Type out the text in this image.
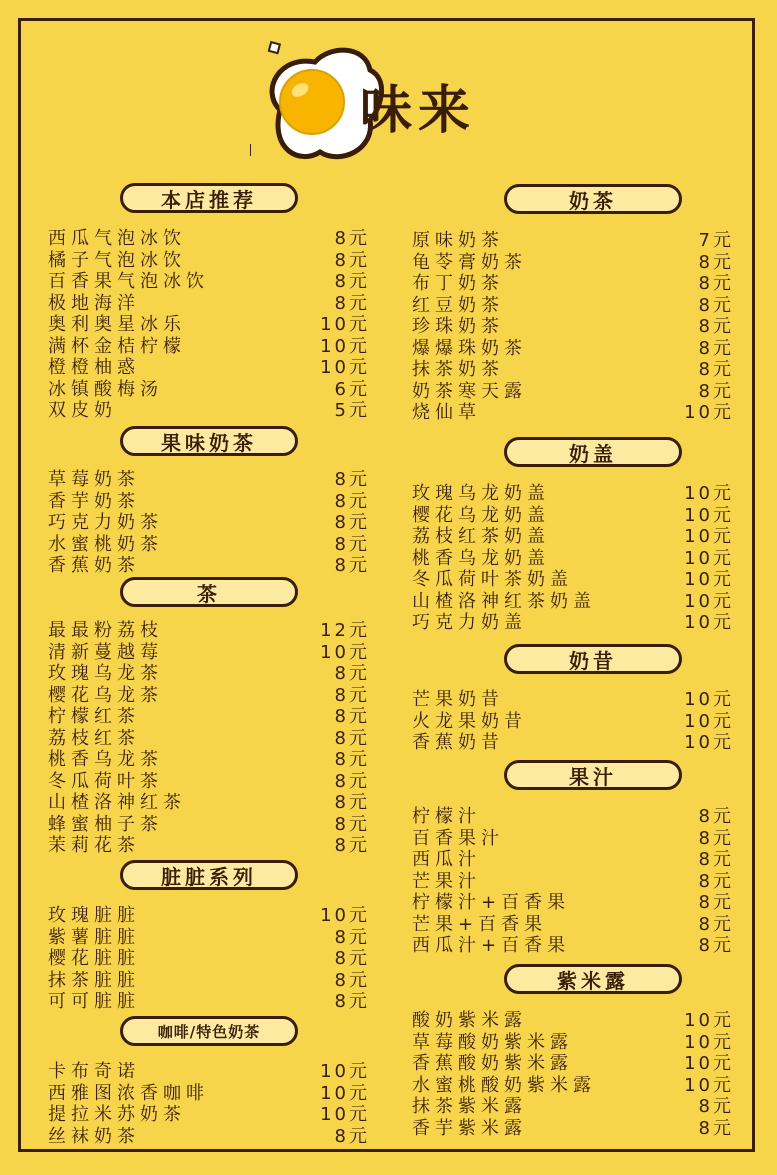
味来
本店推荐
西瓜气泡冰饮	8元
橘子气泡冰饮	8元
百香果气泡冰饮	8元
极地海洋	8元
奥利奥星冰乐	10元
满杯金桔柠檬	10元
橙橙柚惑	10元
冰镇酸梅汤	6元
双皮奶	5元
果味奶茶
草莓奶茶	8元
香芋奶茶	8元
巧克力奶茶	8元
水蜜桃奶茶	8元
香蕉奶茶	8元
茶
最最粉荔枝	12元
清新蔓越莓	10元
玫瑰乌龙茶	8元
樱花乌龙茶	8元
柠檬红茶	8元
荔枝红茶	8元
桃香乌龙茶	8元
冬瓜荷叶茶	8元
山楂洛神红茶	8元
蜂蜜柚子茶	8元
茉莉花茶	8元
脏脏系列
玫瑰脏脏	10元
紫薯脏脏	8元
樱花脏脏	8元
抹茶脏脏	8元
可可脏脏	8元
咖啡/特色奶茶
卡布奇诺	10元
西雅图浓香咖啡	10元
提拉米苏奶茶	10元
丝袜奶茶	8元
奶茶
原味奶茶	7元
龟苓膏奶茶	8元
布丁奶茶	8元
红豆奶茶	8元
珍珠奶茶	8元
爆爆珠奶茶	8元
抹茶奶茶	8元
奶茶寒天露	8元
烧仙草	10元
奶盖
玫瑰乌龙奶盖	10元
樱花乌龙奶盖	10元
荔枝红茶奶盖	10元
桃香乌龙奶盖	10元
冬瓜荷叶茶奶盖	10元
山楂洛神红茶奶盖	10元
巧克力奶盖	10元
奶昔
芒果奶昔	10元
火龙果奶昔	10元
香蕉奶昔	10元
果汁
柠檬汁	8元
百香果汁	8元
西瓜汁	8元
芒果汁	8元
柠檬汁+百香果	8元
芒果+百香果	8元
西瓜汁+百香果	8元
紫米露
酸奶紫米露	10元
草莓酸奶紫米露	10元
香蕉酸奶紫米露	10元
水蜜桃酸奶紫米露	10元
抹茶紫米露	8元
香芋紫米露	8元
